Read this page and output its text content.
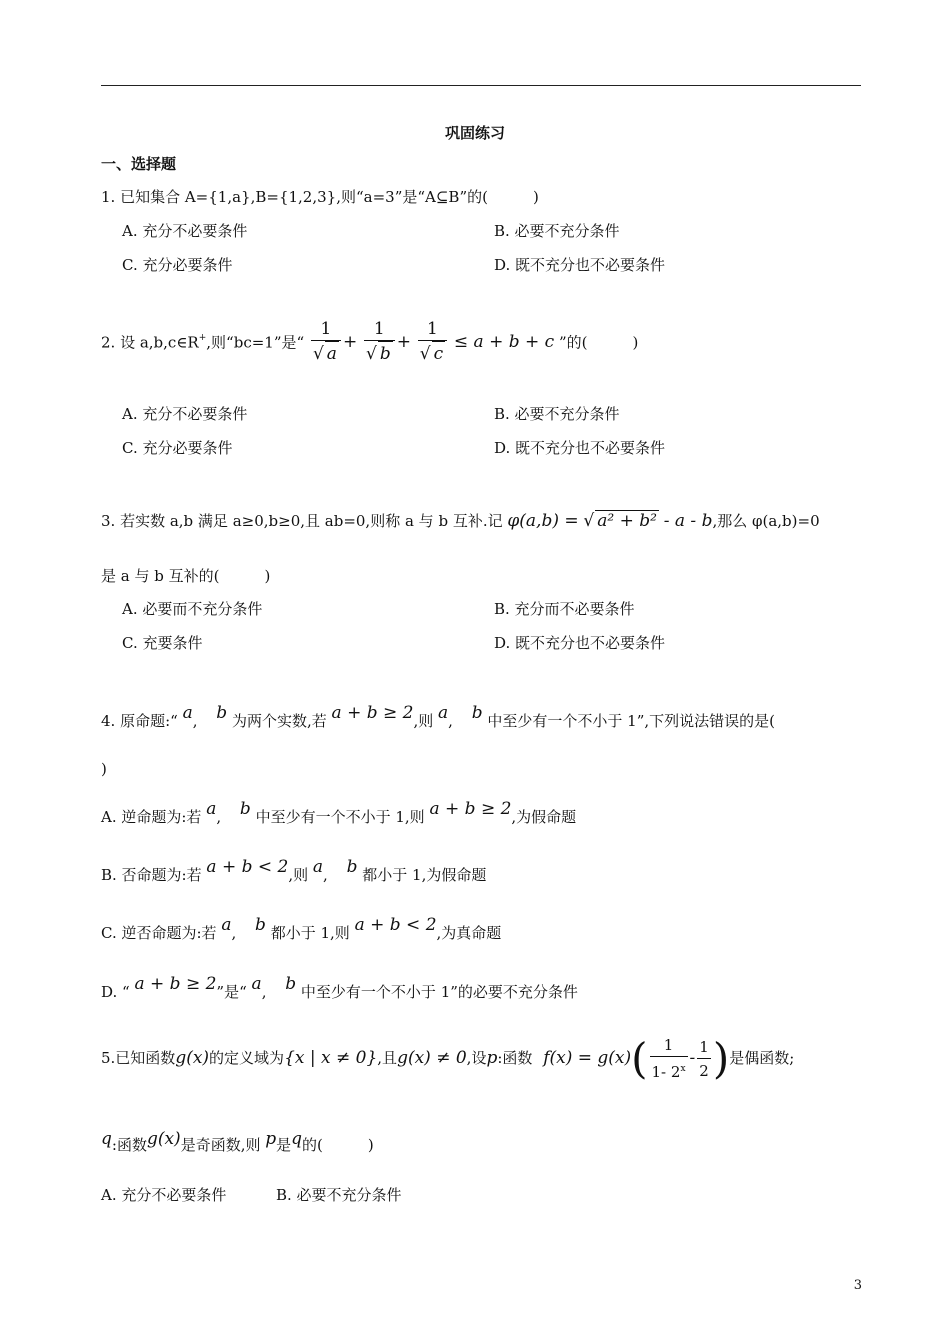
巩固练习
一、选择题
1. 已知集合 A={1,a},B={1,2,3},则“a=3”是“A⊆B”的(　　　)
A. 充分不必要条件	B. 必要不充分条件
C. 充分必要条件	D. 既不充分也不必要条件
2. 设 a,b,c∈R+,则“bc=1”是“ $\frac{1}{√ a} + \frac{1}{√ b} + \frac{1}{√ c} \le a + b + c$ ”的(　　　)
A. 充分不必要条件	B. 必要不充分条件
C. 充分必要条件	D. 既不充分也不必要条件
3. 若实数 a,b 满足 a≥0,b≥0,且 ab=0,则称 a 与 b 互补.记 φ(a,b) = √ a² + b² - a - b,那么 φ(a,b)=0
是 a 与 b 互补的(　　　)
A. 必要而不充分条件	B. 充分而不必要条件
C. 充要条件	D. 既不充分也不必要条件
4. 原命题:“ a, b 为两个实数,若 a + b ≥ 2,则 a, b 中至少有一个不小于 1”,下列说法错误的是(
)
A. 逆命题为:若 a, b 中至少有一个不小于 1,则 a + b ≥ 2,为假命题
B. 否命题为:若 a + b < 2,则 a, b 都小于 1,为假命题
C. 逆否命题为:若 a, b 都小于 1,则 a + b < 2,为真命题
D. “ a + b ≥ 2”是“ a, b 中至少有一个不小于 1”的必要不充分条件
5.已知函数g(x)的定义域为{x | x ≠ 0},且g(x) ≠ 0,设p:函数 $f(x) = g(x)( \frac{1}{1- 2^x} - \frac{1}{2}$ )是偶函数;
q:函数g(x)是奇函数,则 p是q的(　　　)
A. 充分不必要条件	B. 必要不充分条件
3
